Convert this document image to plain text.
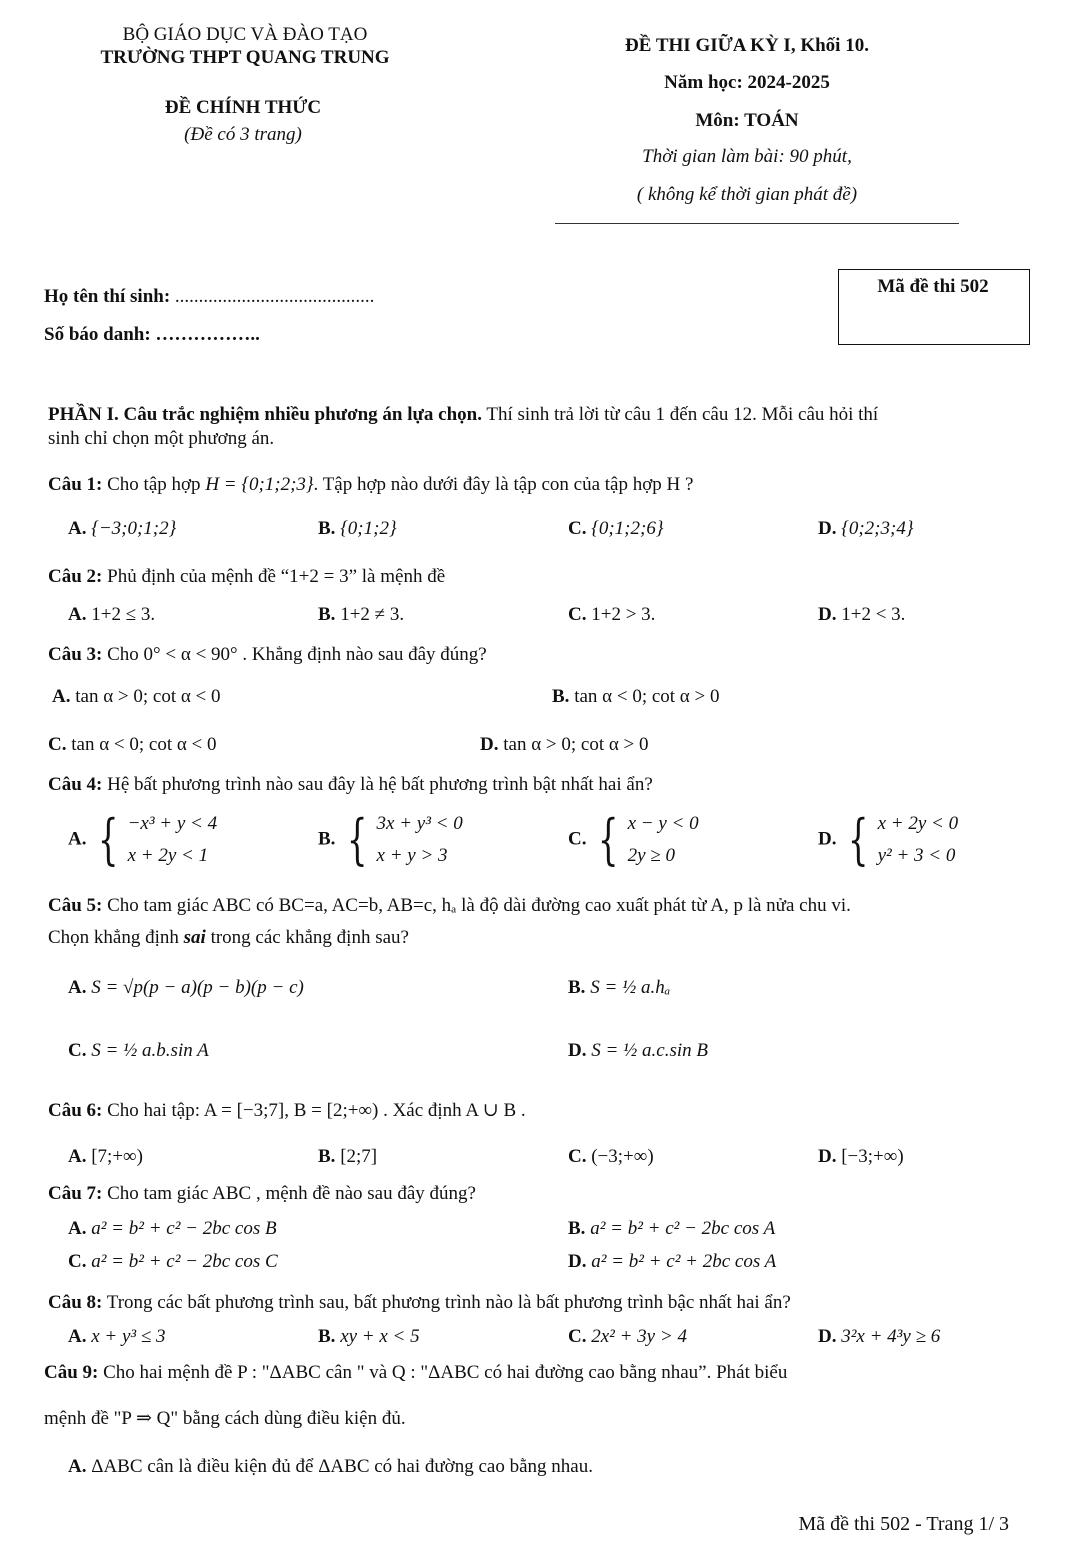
BỘ GIÁO DỤC VÀ ĐÀO TẠO
TRƯỜNG THPT QUANG TRUNG
ĐỀ CHÍNH THỨC
(Đề có 3 trang)
ĐỀ THI GIỮA KỲ I, Khối 10.
Năm học: 2024-2025
Môn: TOÁN
Thời gian làm bài: 90 phút,
( không kể thời gian phát đề)
Họ tên thí sinh: ..........................................
Số báo danh: ……………..
Mã đề thi 502
PHẦN I. Câu trắc nghiệm nhiều phương án lựa chọn. Thí sinh trả lời từ câu 1 đến câu 12. Mỗi câu hỏi thí
sinh chỉ chọn một phương án.
Câu 1: Cho tập hợp H = {0;1;2;3}. Tập hợp nào dưới đây là tập con của tập hợp H ?
A. {−3;0;1;2}	B. {0;1;2}	C. {0;1;2;6}	D. {0;2;3;4}
Câu 2: Phủ định của mệnh đề “1+2 = 3” là mệnh đề
A. 1+2 ≤ 3.	B. 1+2 ≠ 3.	C. 1+2 > 3.	D. 1+2 < 3.
Câu 3: Cho 0° < α < 90° . Khẳng định nào sau đây đúng?
A. tan α > 0; cot α < 0	B. tan α < 0; cot α > 0
C. tan α < 0; cot α < 0	D. tan α > 0; cot α > 0
Câu 4: Hệ bất phương trình nào sau đây là hệ bất phương trình bật nhất hai ẩn?
A. { −x³ + y < 4
x + 2y < 1
B. { 3x + y³ < 0
x + y > 3
C. { x − y < 0
2y ≥ 0
D. { x + 2y < 0
y² + 3 < 0
Câu 5: Cho tam giác ABC có BC=a, AC=b, AB=c, hₐ là độ dài đường cao xuất phát từ A, p là nửa chu vi.
Chọn khẳng định sai trong các khẳng định sau?
A. S = √p(p − a)(p − b)(p − c)	B. S = ½ a.hₐ
C. S = ½ a.b.sin A	D. S = ½ a.c.sin B
Câu 6: Cho hai tập: A = [−3;7], B = [2;+∞) . Xác định A ∪ B .
A. [7;+∞)	B. [2;7]	C. (−3;+∞)	D. [−3;+∞)
Câu 7: Cho tam giác ABC , mệnh đề nào sau đây đúng?
A. a² = b² + c² − 2bc cos B	B. a² = b² + c² − 2bc cos A
C. a² = b² + c² − 2bc cos C	D. a² = b² + c² + 2bc cos A
Câu 8: Trong các bất phương trình sau, bất phương trình nào là bất phương trình bậc nhất hai ẩn?
A. x + y³ ≤ 3	B. xy + x < 5	C. 2x² + 3y > 4	D. 3²x + 4³y ≥ 6
Câu 9: Cho hai mệnh đề P : "ΔABC cân " và Q : "ΔABC có hai đường cao bằng nhau”. Phát biểu
mệnh đề "P ⇒ Q" bằng cách dùng điều kiện đủ.
A. ΔABC cân là điều kiện đủ để ΔABC có hai đường cao bằng nhau.
Mã đề thi 502 - Trang 1/ 3
